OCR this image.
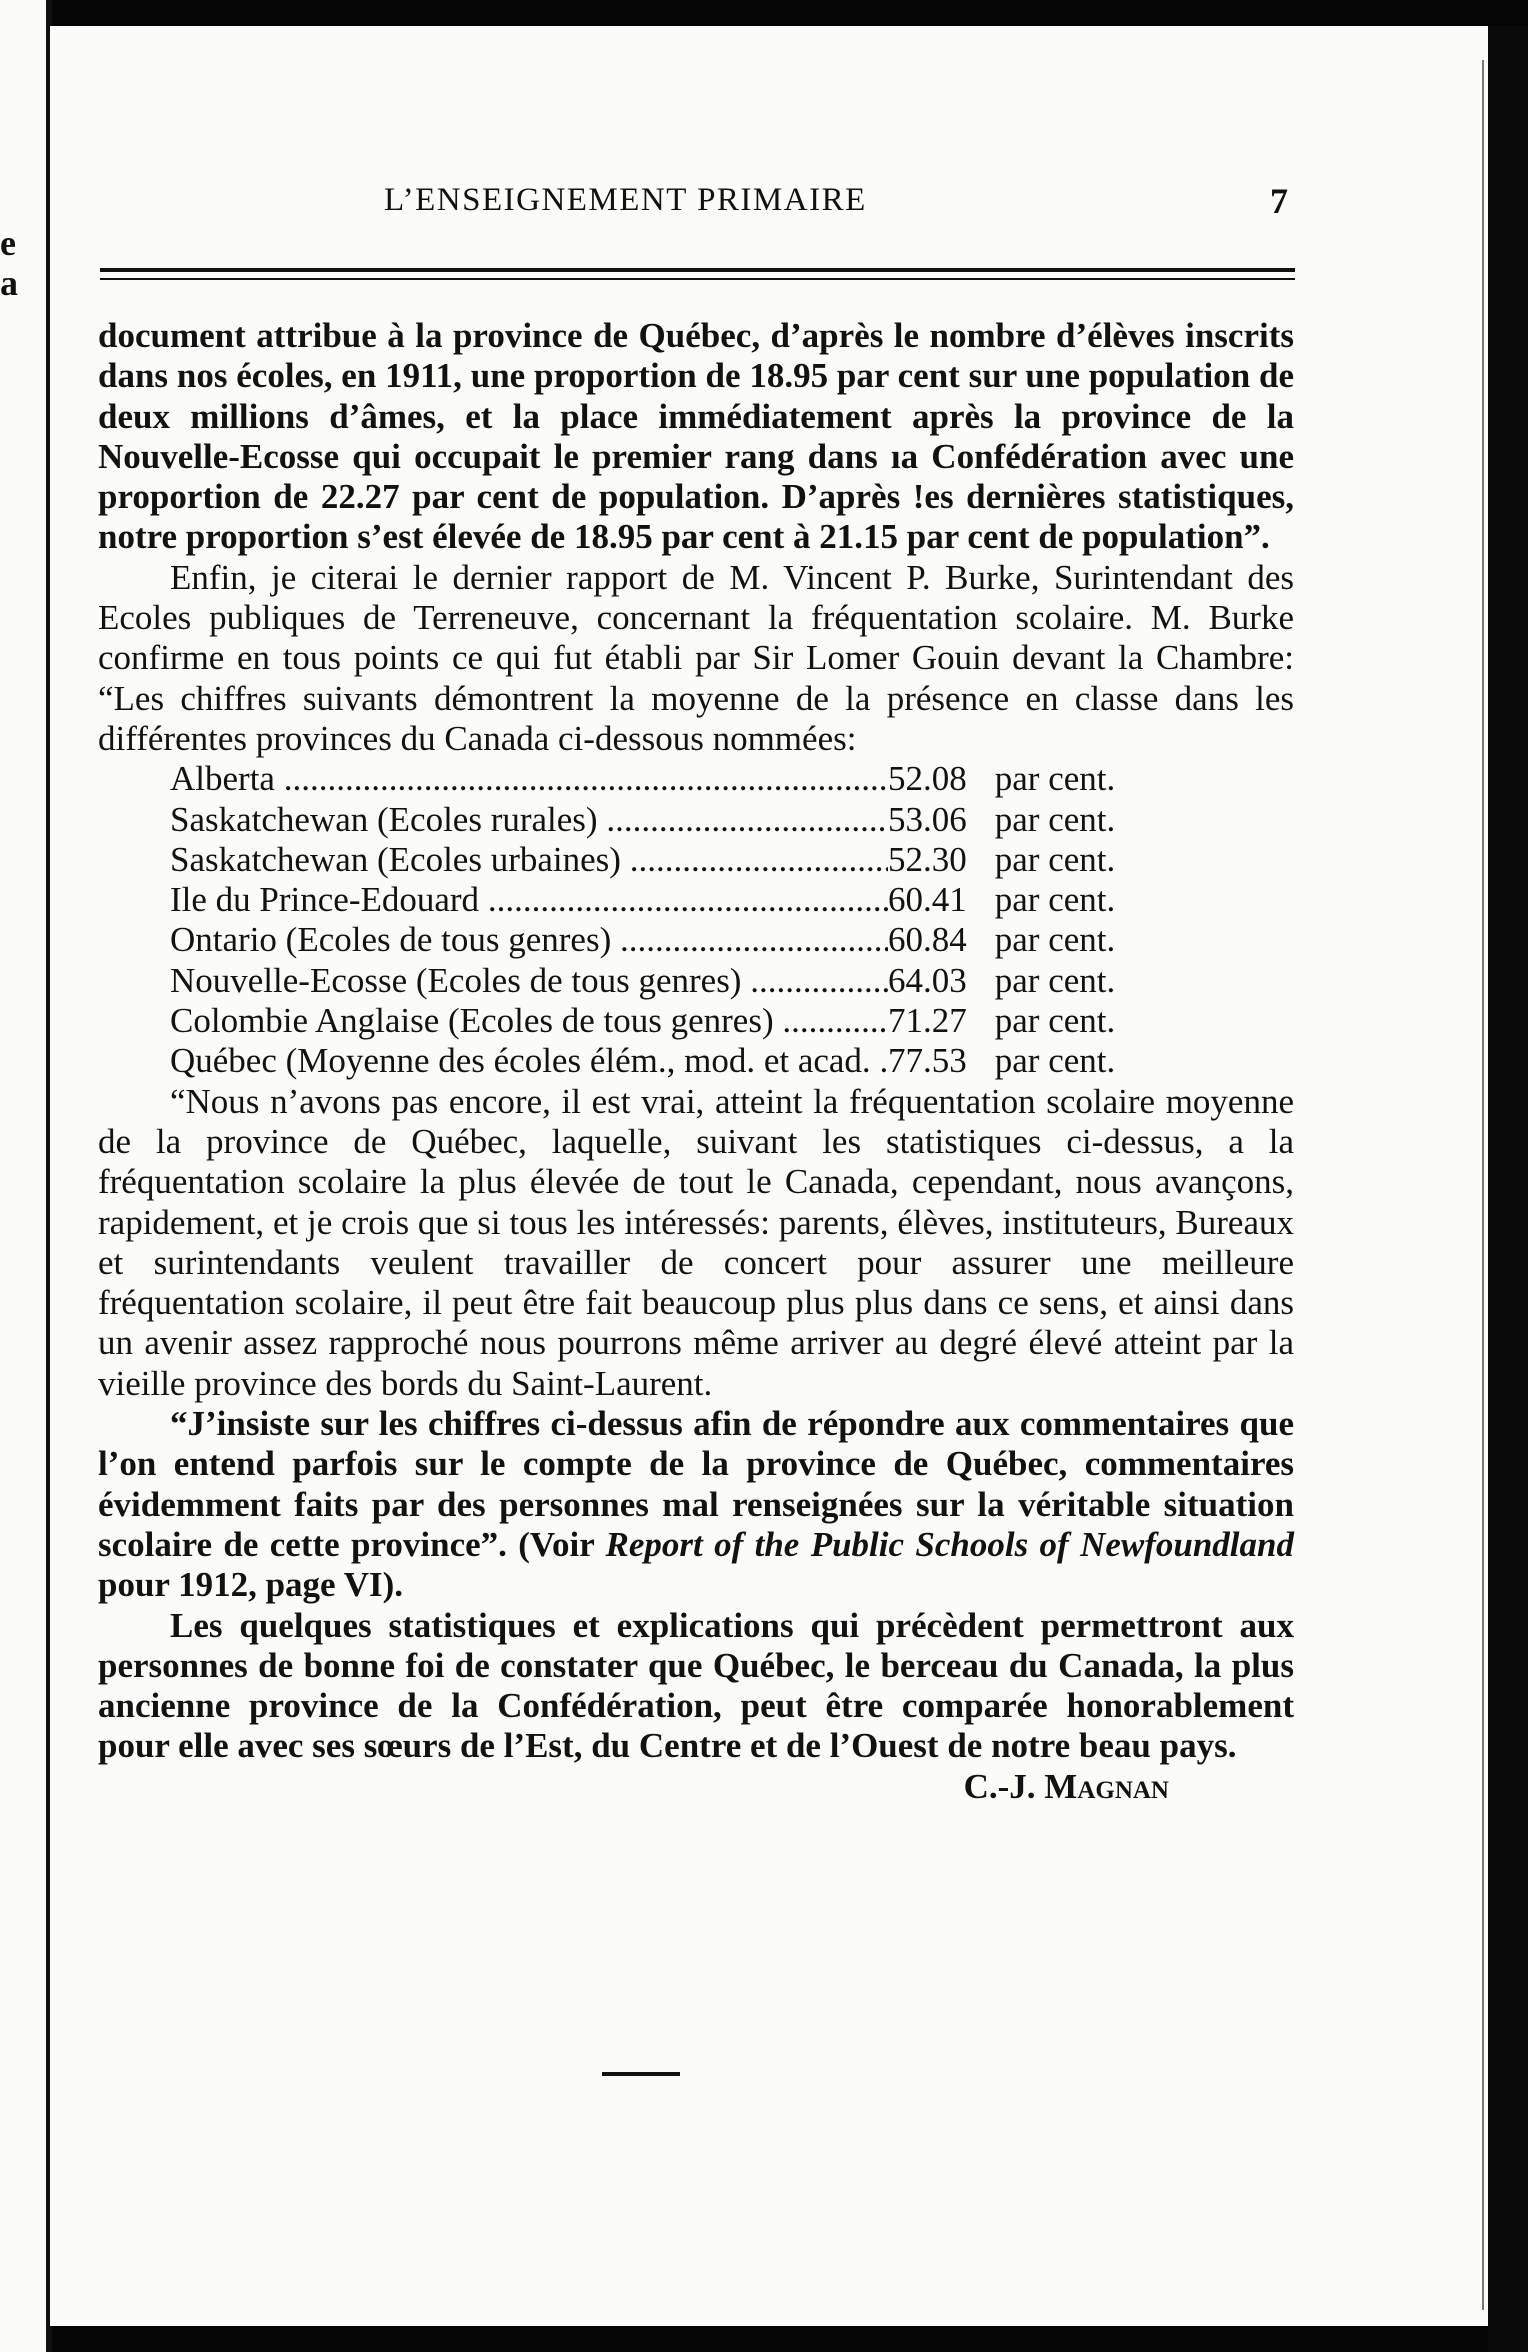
e
a
L’ENSEIGNEMENT PRIMAIRE	7

document attribue à la province de Québec, d’après le nombre d’élèves inscrits dans nos écoles, en 1911, une proportion de 18.95 par cent sur une population de deux millions d’âmes, et la place immédiatement après la province de la Nouvelle-Ecosse qui occupait le premier rang dans ıa Confédération avec une proportion de 22.27 par cent de population. D’après !es dernières statistiques, notre proportion s’est élevée de 18.95 par cent à 21.15 par cent de population”.

Enfin, je citerai le dernier rapport de M. Vincent P. Burke, Surintendant des Ecoles publiques de Terreneuve, concernant la fréquentation scolaire. M. Burke confirme en tous points ce qui fut établi par Sir Lomer Gouin devant la Chambre: “Les chiffres suivants démontrent la moyenne de la présence en classe dans les différentes provinces du Canada ci-dessous nommées:

Alberta .....	52.08 par cent.
Saskatchewan (Ecoles rurales) .....	53.06 par cent.
Saskatchewan (Ecoles urbaines) .....	52.30 par cent.
Ile du Prince-Edouard .....	60.41 par cent.
Ontario (Ecoles de tous genres) .....	60.84 par cent.
Nouvelle-Ecosse (Ecoles de tous genres) .....	64.03 par cent.
Colombie Anglaise (Ecoles de tous genres) .....	71.27 par cent.
Québec (Moyenne des écoles élém., mod. et acad. ..... 77.53 par cent.

“Nous n’avons pas encore, il est vrai, atteint la fréquentation scolaire moyenne de la province de Québec, laquelle, suivant les statistiques ci-dessus, a la fréquentation scolaire la plus élevée de tout le Canada, cependant, nous avançons, rapidement, et je crois que si tous les intéressés: parents, élèves, instituteurs, Bureaux et surintendants veulent travailler de concert pour assurer une meilleure fréquentation scolaire, il peut être fait beaucoup plus plus dans ce sens, et ainsi dans un avenir assez rapproché nous pourrons même arriver au degré élevé atteint par la vieille province des bords du Saint-Laurent.

“J’insiste sur les chiffres ci-dessus afin de répondre aux commentaires que l’on entend parfois sur le compte de la province de Québec, commentaires évidemment faits par des personnes mal renseignées sur la véritable situation scolaire de cette province”. (Voir Report of the Public Schools of Newfoundland pour 1912, page VI).

Les quelques statistiques et explications qui précèdent permettront aux personnes de bonne foi de constater que Québec, le berceau du Canada, la plus ancienne province de la Confédération, peut être comparée honorablement pour elle avec ses sœurs de l’Est, du Centre et de l’Ouest de notre beau pays.

C.-J. Magnan
